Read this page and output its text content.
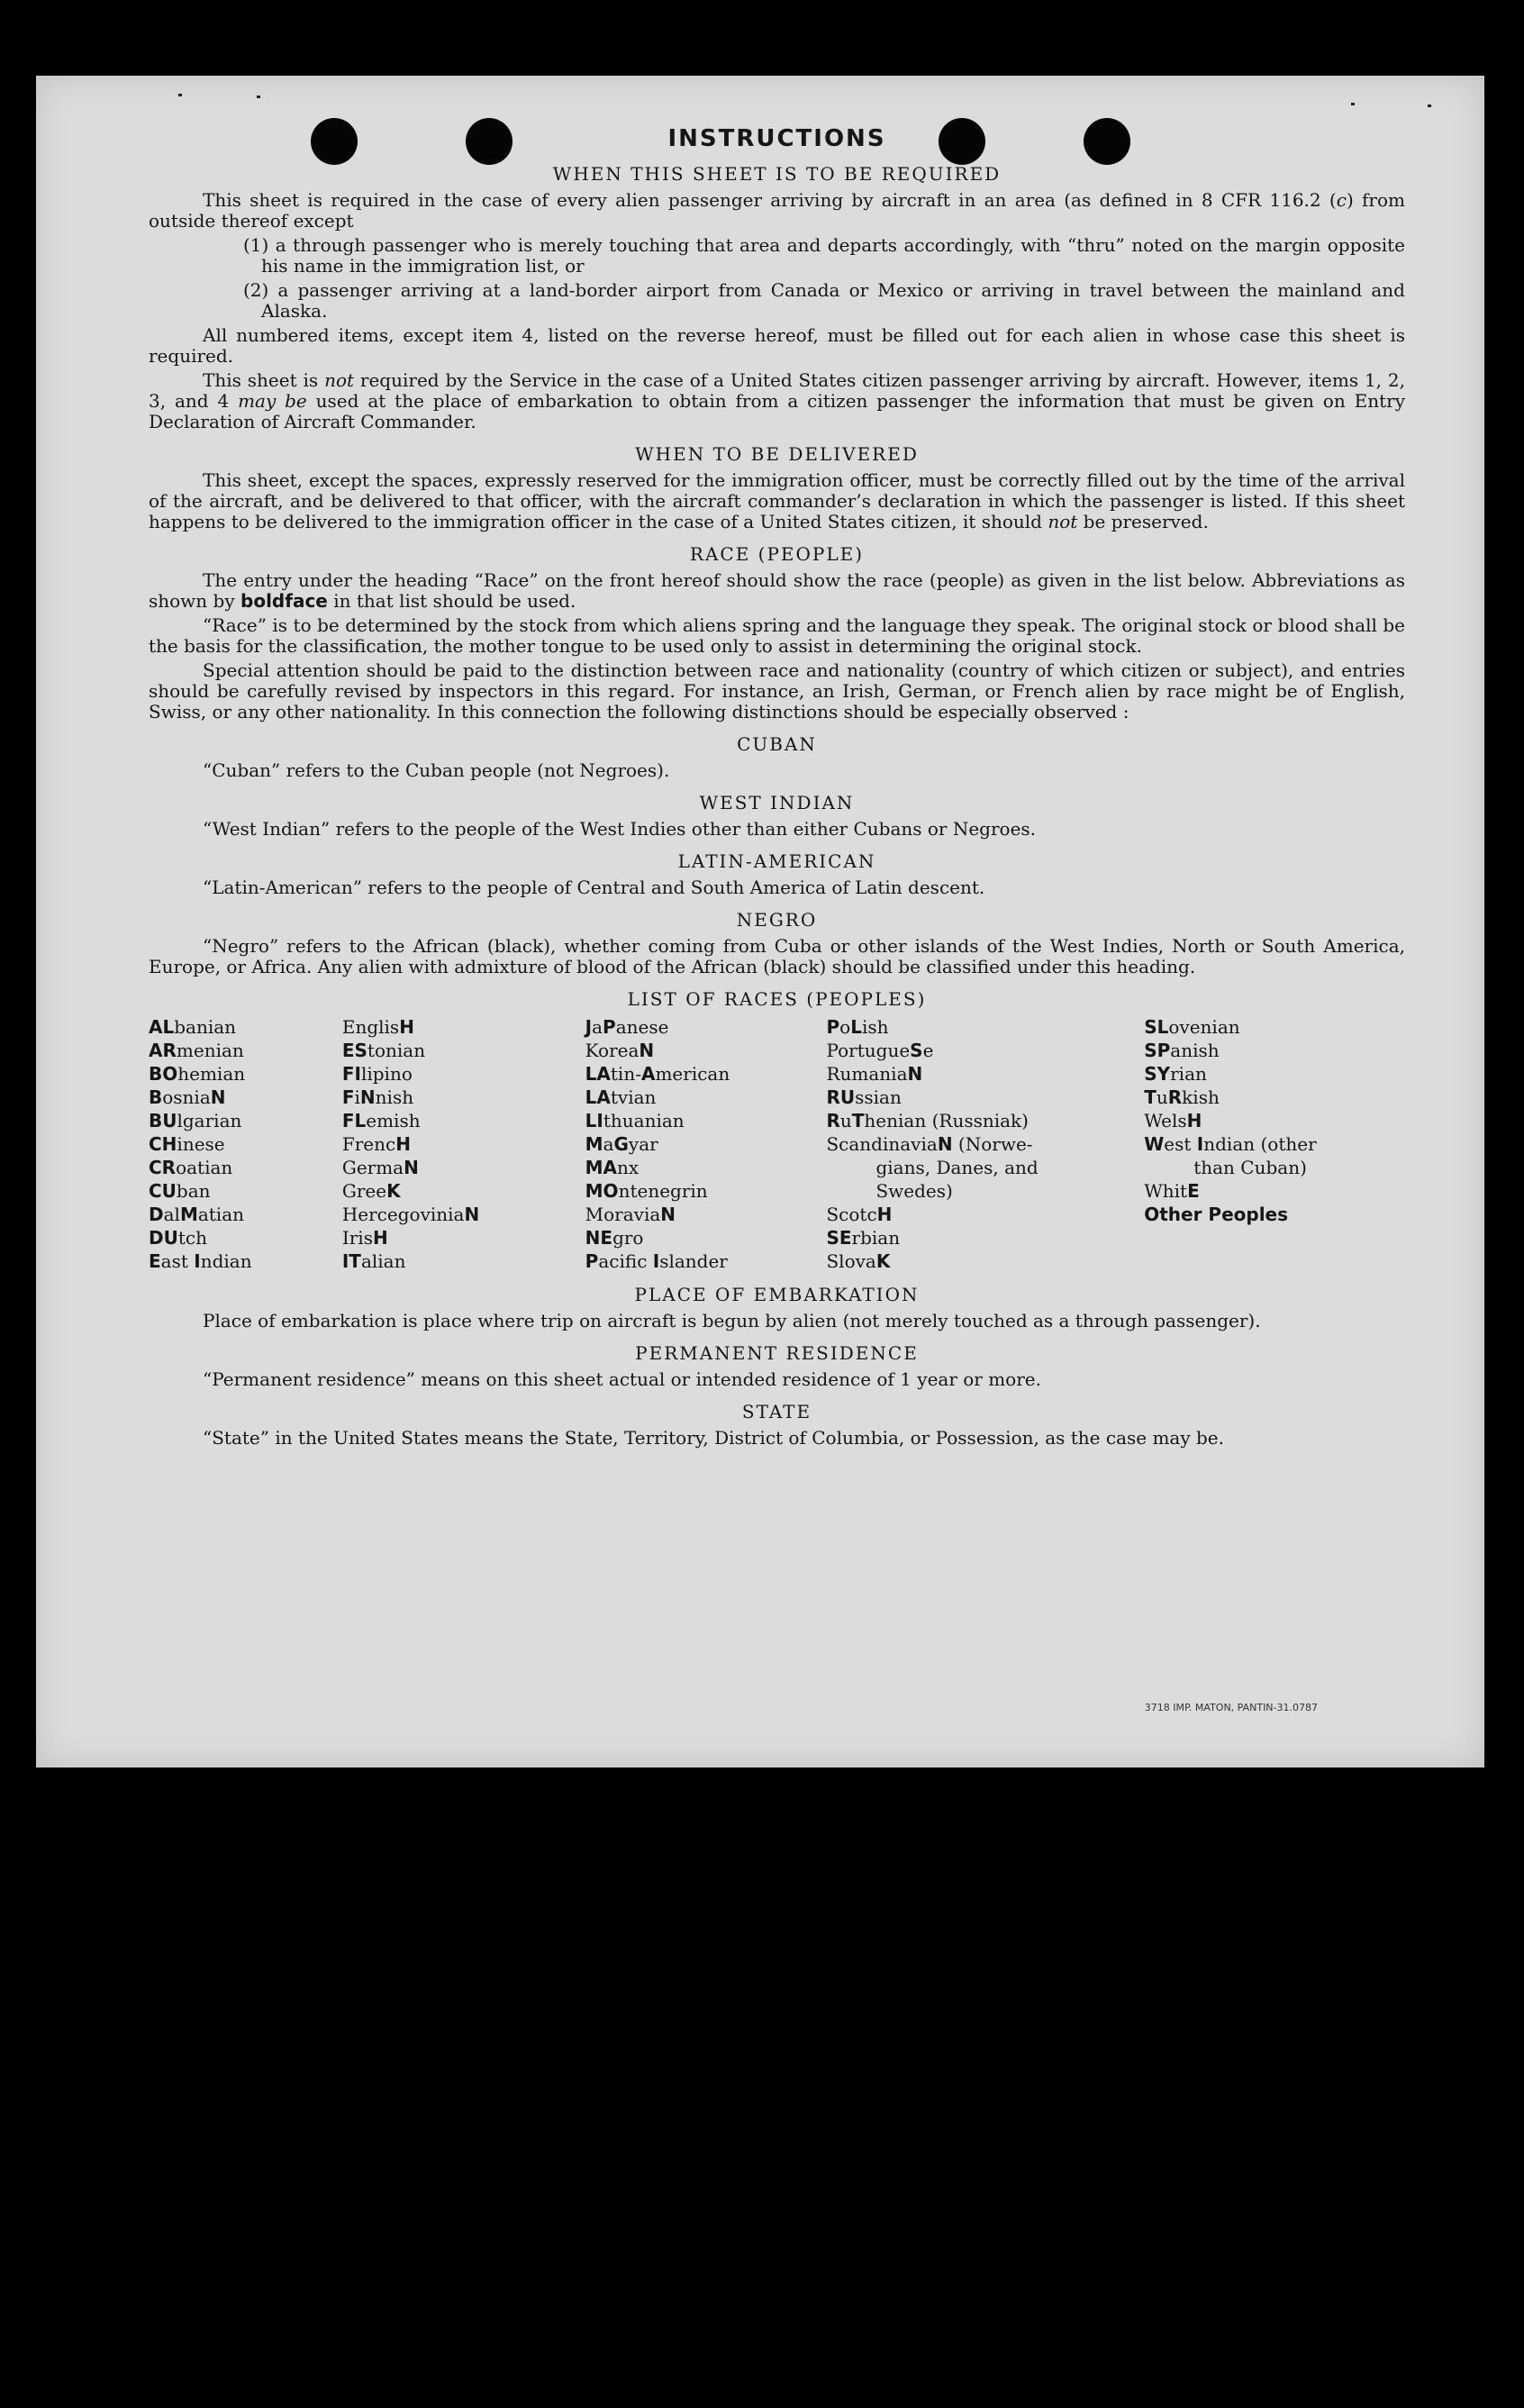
INSTRUCTIONS
WHEN THIS SHEET IS TO BE REQUIRED

This sheet is required in the case of every alien passenger arriving by aircraft in an area (as defined in 8 CFR 116.2 (c) from outside thereof except

(1) a through passenger who is merely touching that area and departs accordingly, with “thru” noted on the margin opposite his name in the immigration list, or

(2) a passenger arriving at a land-border airport from Canada or Mexico or arriving in travel between the mainland and Alaska.

All numbered items, except item 4, listed on the reverse hereof, must be filled out for each alien in whose case this sheet is required.

This sheet is not required by the Service in the case of a United States citizen passenger arriving by aircraft. However, items 1, 2, 3, and 4 may be used at the place of embarkation to obtain from a citizen passenger the information that must be given on Entry Declaration of Aircraft Commander.

WHEN TO BE DELIVERED

This sheet, except the spaces, expressly reserved for the immigration officer, must be correctly filled out by the time of the arrival of the aircraft, and be delivered to that officer, with the aircraft commander’s declaration in which the passenger is listed. If this sheet happens to be delivered to the immigration officer in the case of a United States citizen, it should not be preserved.

RACE (PEOPLE)

The entry under the heading “Race” on the front hereof should show the race (people) as given in the list below. Abbreviations as shown by boldface in that list should be used.

“Race” is to be determined by the stock from which aliens spring and the language they speak. The original stock or blood shall be the basis for the classification, the mother tongue to be used only to assist in determining the original stock.

Special attention should be paid to the distinction between race and nationality (country of which citizen or subject), and entries should be carefully revised by inspectors in this regard. For instance, an Irish, German, or French alien by race might be of English, Swiss, or any other nationality. In this connection the following distinctions should be especially observed :

CUBAN

“Cuban” refers to the Cuban people (not Negroes).

WEST INDIAN

“West Indian” refers to the people of the West Indies other than either Cubans or Negroes.

LATIN-AMERICAN

“Latin-American” refers to the people of Central and South America of Latin descent.

NEGRO

“Negro” refers to the African (black), whether coming from Cuba or other islands of the West Indies, North or South America, Europe, or Africa. Any alien with admixture of blood of the African (black) should be classified under this heading.

LIST OF RACES (PEOPLES)
ALbanian
ARmenian
BOhemian
BosniaN
BUlgarian
CHinese
CRoatian
CUban
DalMatian
DUtch
East Indian
EnglisH
EStonian
FIlipino
FiNnish
FLemish
FrencH
GermaN
GreeK
HercegoviniaN
IrisH
ITalian
JaPanese
KoreaN
LAtin-American
LAtvian
LIthuanian
MaGyar
MAnx
MOntenegrin
MoraviaN
NEgro
Pacific Islander
PoLish
PortugueSe
RumaniaN
RUssian
RuThenian (Russniak)
ScandinaviaN (Norwe-
gians, Danes, and
Swedes)
ScotcH
SErbian
SlovaK
SLovenian
SPanish
SYrian
TuRkish
WelsH
West Indian (other
than Cuban)
WhitE
Other Peoples
PLACE OF EMBARKATION

Place of embarkation is place where trip on aircraft is begun by alien (not merely touched as a through passenger).

PERMANENT RESIDENCE

“Permanent residence” means on this sheet actual or intended residence of 1 year or more.

STATE

“State” in the United States means the State, Territory, District of Columbia, or Possession, as the case may be.

3718 IMP. MATON, PANTIN-31.0787
